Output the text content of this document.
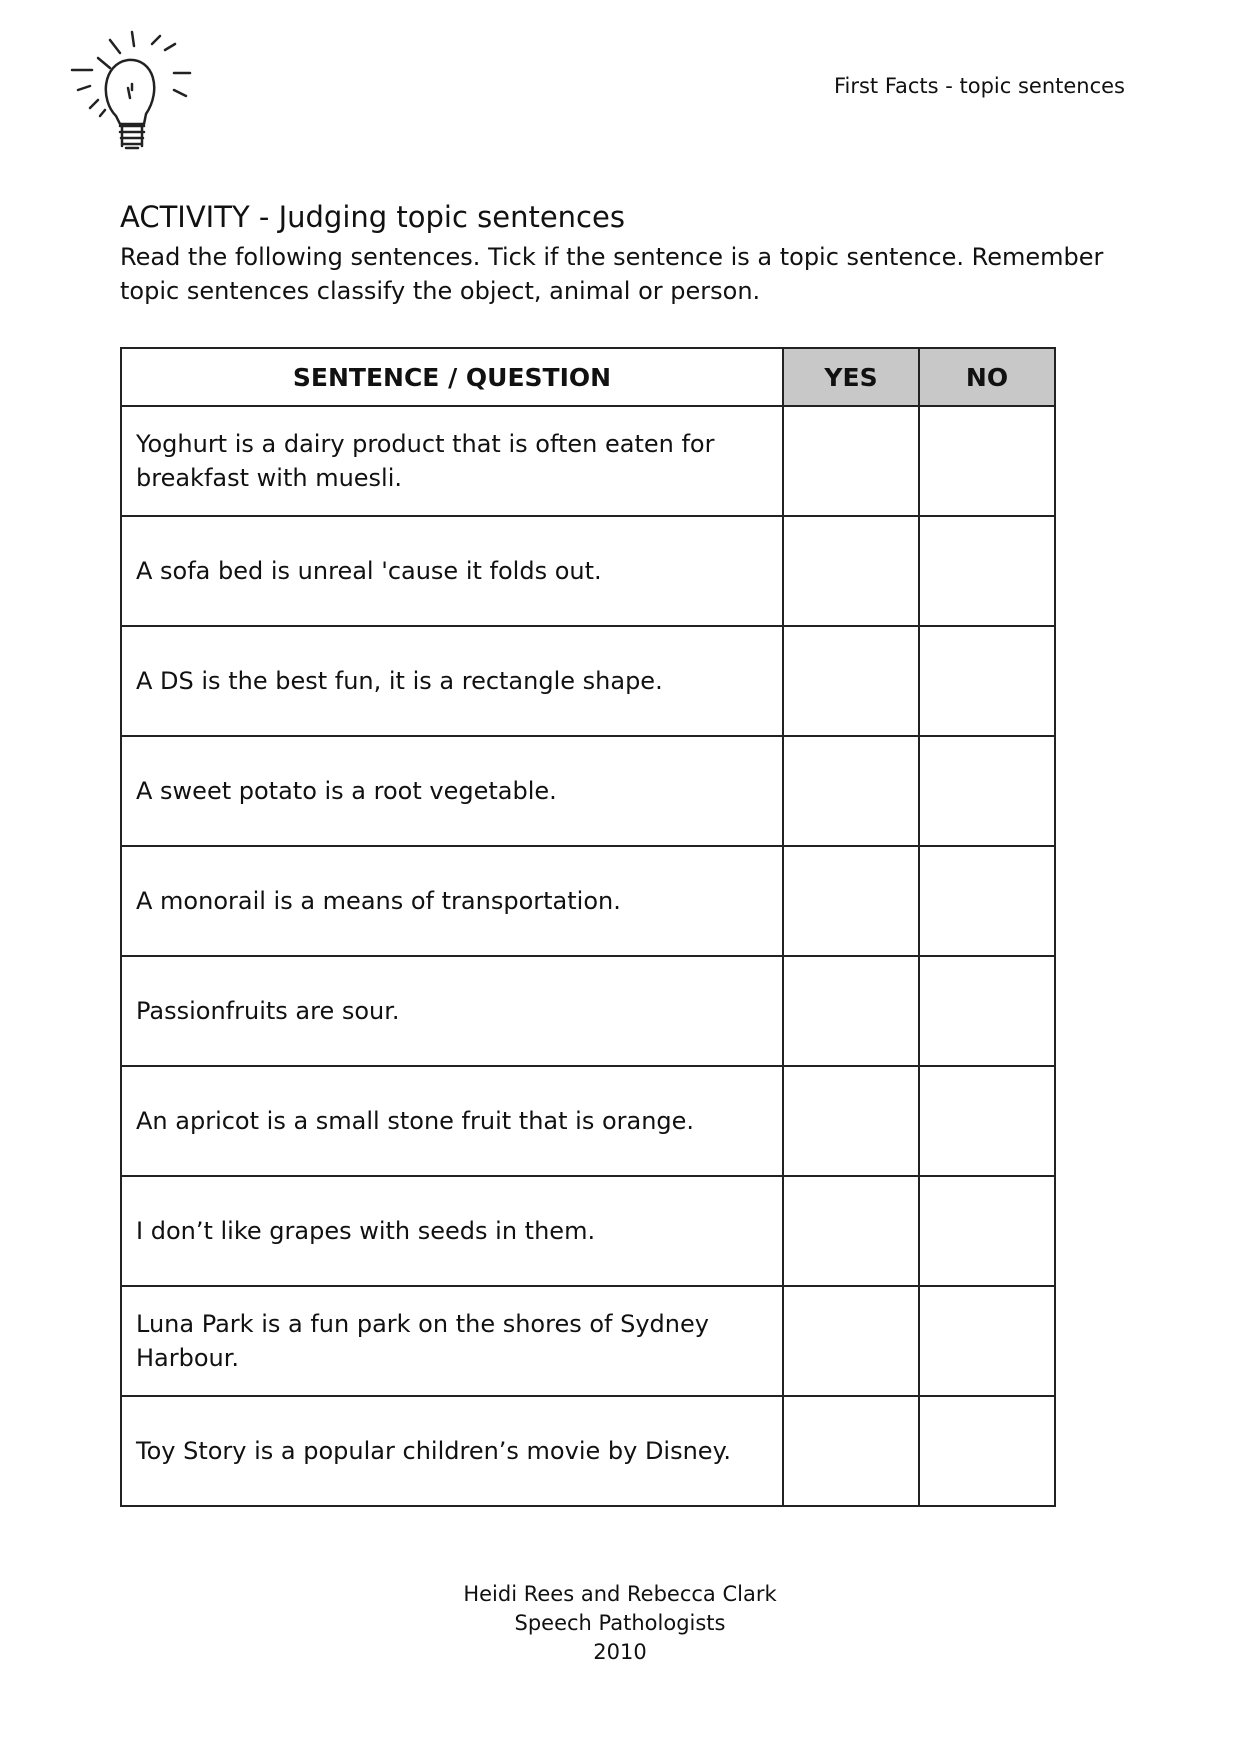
First Facts - topic sentences
ACTIVITY - Judging topic sentences

Read the following sentences. Tick if the sentence is a topic sentence. Remember topic sentences classify the object, animal or person.

SENTENCE / QUESTION	YES	NO
Yoghurt is a dairy product that is often eaten for breakfast with muesli.		
A sofa bed is unreal 'cause it folds out.		
A DS is the best fun, it is a rectangle shape.		
A sweet potato is a root vegetable.		
A monorail is a means of transportation.		
Passionfruits are sour.		
An apricot is a small stone fruit that is orange.		
I don’t like grapes with seeds in them.		
Luna Park is a fun park on the shores of Sydney Harbour.		
Toy Story is a popular children’s movie by Disney.		
Heidi Rees and Rebecca Clark
Speech Pathologists
2010
